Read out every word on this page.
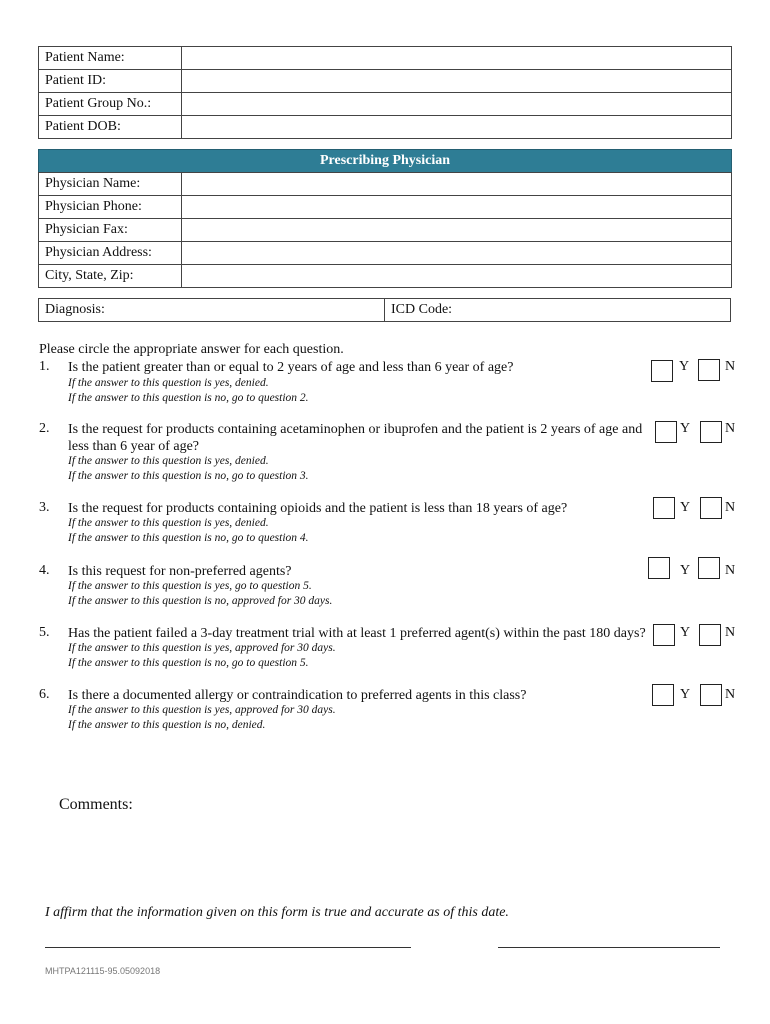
Patient Name:	
Patient ID:	
Patient Group No.:	
Patient DOB:	
Prescribing Physician
Physician Name:	
Physician Phone:	
Physician Fax:	
Physician Address:	
City, State, Zip:	
Diagnosis:	ICD Code:
Please circle the appropriate answer for each question.
1. Is the patient greater than or equal to 2 years of age and less than 6 year of age?
If the answer to this question is yes, denied.
If the answer to this question is no, go to question 2.
Y	N
2. Is the request for products containing acetaminophen or ibuprofen and the patient is 2 years of age and less than 6 year of age?
If the answer to this question is yes, denied.
If the answer to this question is no, go to question 3.
Y N
3. Is the request for products containing opioids and the patient is less than 18 years of age?
If the answer to this question is yes, denied.
If the answer to this question is no, go to question 4.
Y N
4. Is this request for non-preferred agents?
If the answer to this question is yes, go to question 5.
If the answer to this question is no, approved for 30 days.
Y N
5. Has the patient failed a 3-day treatment trial with at least 1 preferred agent(s) within the past 180 days?
If the answer to this question is yes, approved for 30 days.
If the answer to this question is no, go to question 5.
Y N
6. Is there a documented allergy or contraindication to preferred agents in this class?
If the answer to this question is yes, approved for 30 days.
If the answer to this question is no, denied.
Y N
Comments:
I affirm that the information given on this form is true and accurate as of this date.
MHTPA121115-95.05092018
